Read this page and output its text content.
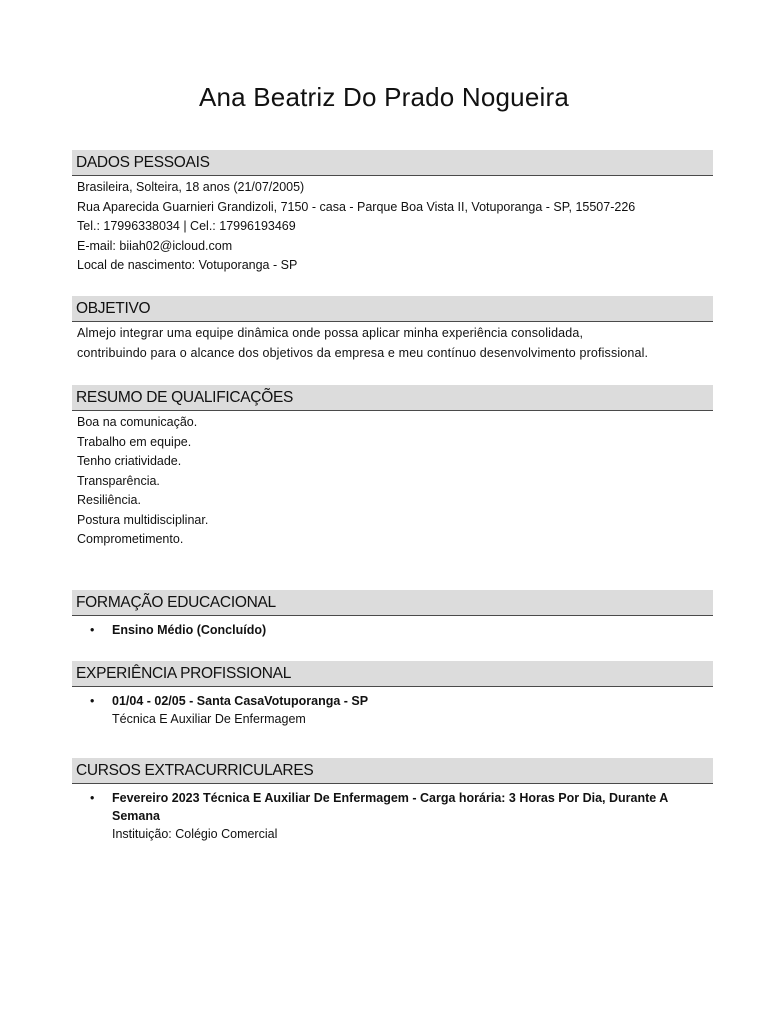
Ana Beatriz Do Prado Nogueira
DADOS PESSOAIS
Brasileira, Solteira, 18 anos (21/07/2005)
Rua Aparecida Guarnieri Grandizoli, 7150 - casa - Parque Boa Vista II, Votuporanga - SP, 15507-226
Tel.: 17996338034 | Cel.: 17996193469
E-mail: biiah02@icloud.com
Local de nascimento: Votuporanga - SP
OBJETIVO
Almejo integrar uma equipe dinâmica onde possa aplicar minha experiência consolidada,
contribuindo para o alcance dos objetivos da empresa e meu contínuo desenvolvimento profissional.
RESUMO DE QUALIFICAÇÕES
Boa na comunicação.
Trabalho em equipe.
Tenho criatividade.
Transparência.
Resiliência.
Postura multidisciplinar.
Comprometimento.
FORMAÇÃO EDUCACIONAL
• Ensino Médio (Concluído)
EXPERIÊNCIA PROFISSIONAL
• 01/04 - 02/05 - Santa CasaVotuporanga - SP
Técnica E Auxiliar De Enfermagem
CURSOS EXTRACURRICULARES
• Fevereiro 2023 Técnica E Auxiliar De Enfermagem - Carga horária: 3 Horas Por Dia, Durante A
Semana
Instituição: Colégio Comercial
